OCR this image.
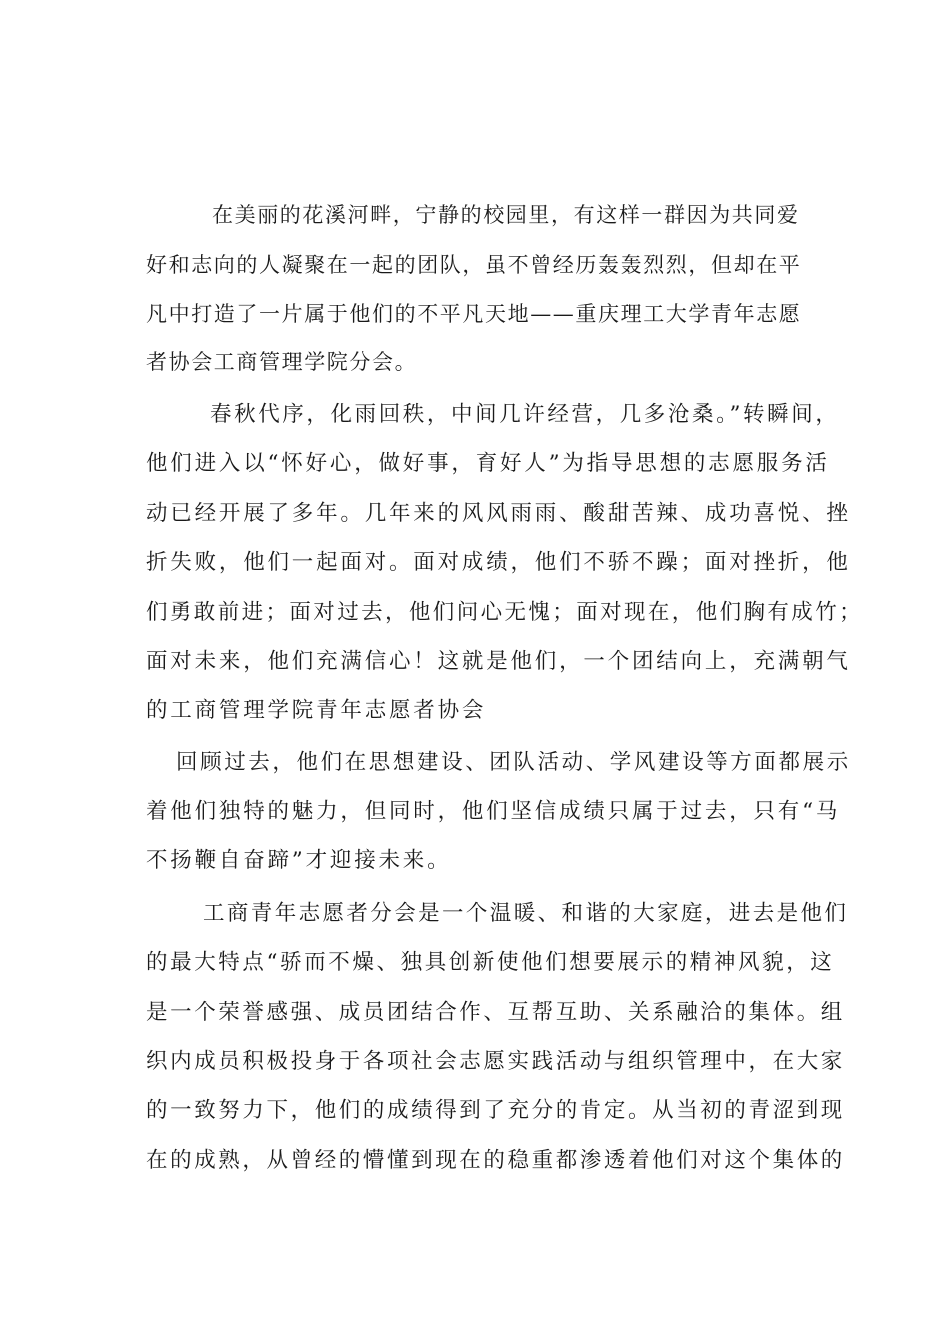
在美丽的花溪河畔，宁静的校园里，有这样一群因为共同爱
好和志向的人凝聚在一起的团队，虽不曾经历轰轰烈烈，但却在平
凡中打造了一片属于他们的不平凡天地——重庆理工大学青年志愿
者协会工商管理学院分会。
春秋代序，化雨回秩，中间几许经营，几多沧桑。”转瞬间，
他们进入以“怀好心，做好事，育好人”为指导思想的志愿服务活
动已经开展了多年。几年来的风风雨雨、酸甜苦辣、成功喜悦、挫
折失败，他们一起面对。面对成绩，他们不骄不躁；面对挫折，他
们勇敢前进；面对过去，他们问心无愧；面对现在，他们胸有成竹；
面对未来，他们充满信心！这就是他们，一个团结向上，充满朝气
的工商管理学院青年志愿者协会
回顾过去，他们在思想建设、团队活动、学风建设等方面都展示
着他们独特的魅力，但同时，他们坚信成绩只属于过去，只有“马
不扬鞭自奋蹄”才迎接未来。
工商青年志愿者分会是一个温暖、和谐的大家庭，进去是他们
的最大特点“骄而不燥、独具创新使他们想要展示的精神风貌，这
是一个荣誉感强、成员团结合作、互帮互助、关系融洽的集体。组
织内成员积极投身于各项社会志愿实践活动与组织管理中，在大家
的一致努力下，他们的成绩得到了充分的肯定。从当初的青涩到现
在的成熟，从曾经的懵懂到现在的稳重都渗透着他们对这个集体的
